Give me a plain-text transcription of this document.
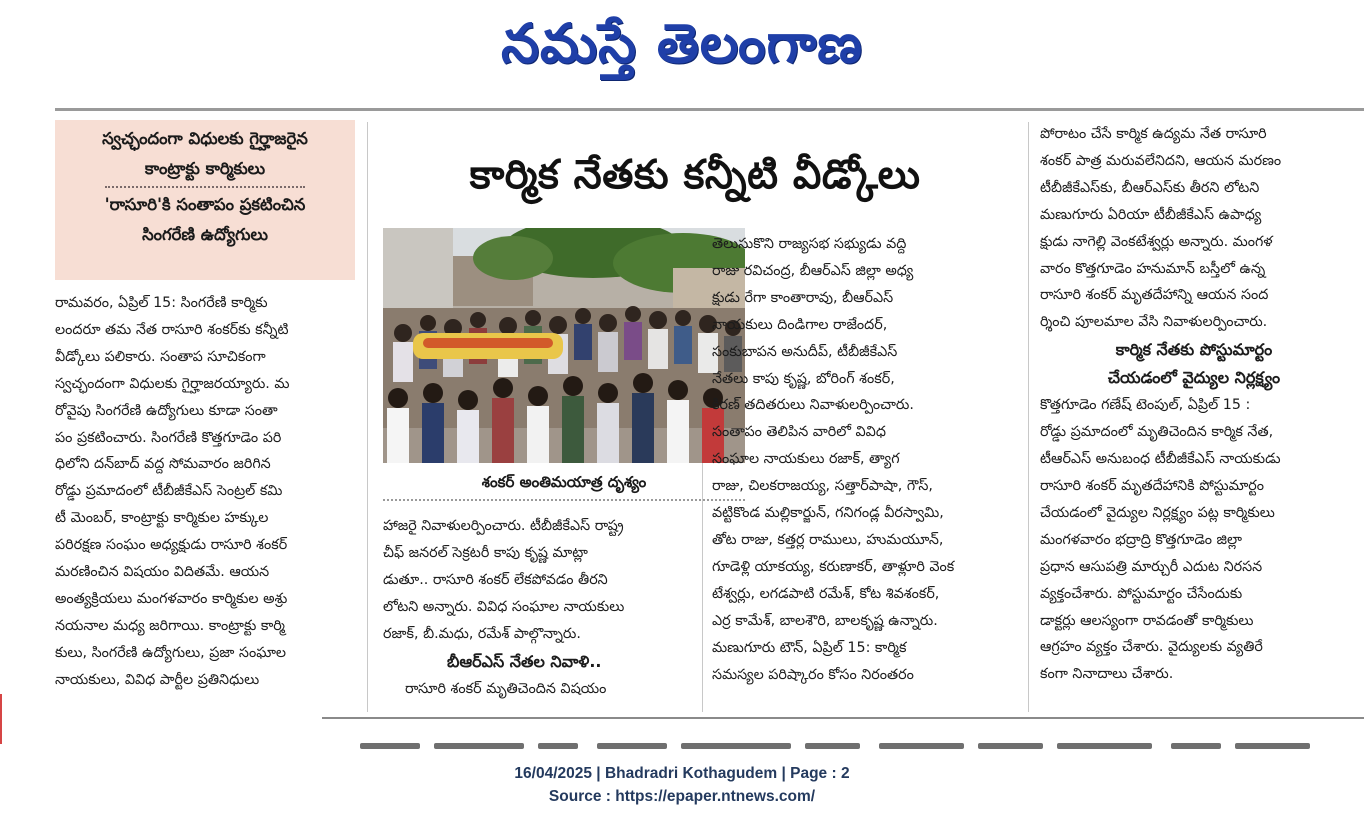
నమస్తే తెలంగాణ
స్వచ్ఛందంగా విధులకు గైర్హాజరైన
కాంట్రాక్టు కార్మికులు
'రాసూరి'కి సంతాపం ప్రకటించిన
సింగరేణి ఉద్యోగులు
కార్మిక నేతకు కన్నీటి వీడ్కోలు

రామవరం, ఏప్రిల్ 15: సింగరేణి కార్మికు

లందరూ తమ నేత రాసూరి శంకర్‌కు కన్నీటి

వీడ్కోలు పలికారు. సంతాప సూచికంగా

స్వచ్ఛందంగా విధులకు గైర్హాజరయ్యారు. మ

రోవైపు సింగరేణి ఉద్యోగులు కూడా సంతా

పం ప్రకటించారు. సింగరేణి కొత్తగూడెం పరి

ధిలోని దన్‌బాద్ వద్ద సోమవారం జరిగిన

రోడ్డు ప్రమాదంలో టీబీజీకేఎస్ సెంట్రల్ కమి

టీ మెంబర్, కాంట్రాక్టు కార్మికుల హక్కుల

పరిరక్షణ సంఘం అధ్యక్షుడు రాసూరి శంకర్

మరణించిన విషయం విదితమే. ఆయన

అంత్యక్రియలు మంగళవారం కార్మికుల అశ్రు

నయనాల మధ్య జరిగాయి. కాంట్రాక్టు కార్మి

కులు, సింగరేణి ఉద్యోగులు, ప్రజా సంఘాల

నాయకులు, వివిధ పార్టీల ప్రతినిధులు

శంకర్ అంతిమయాత్ర దృశ్యం

హాజరై నివాళులర్పించారు. టీబీజీకేఎస్ రాష్ట్ర

చీఫ్ జనరల్ సెక్రటరీ కాపు కృష్ణ మాట్లా

డుతూ.. రాసూరి శంకర్ లేకపోవడం తీరని

లోటని అన్నారు. వివిధ సంఘాల నాయకులు

రజాక్, బీ.మధు, రమేశ్ పాల్గొన్నారు.

బీఆర్ఎస్ నేతల నివాళి..

రాసూరి శంకర్ మృతిచెందిన విషయం

తెలుసుకొని రాజ్యసభ సభ్యుడు వద్ది

రాజు రవిచంద్ర, బీఆర్ఎస్ జిల్లా అధ్య

క్షుడు రేగా కాంతారావు, బీఆర్ఎస్

నాయకులు దిండిగాల రాజేందర్,

సంకుబాపన అనుదీప్, టీబీజీకేఎస్

నేతలు కాపు కృష్ణ, బోరింగ్ శంకర్,

కిరణ్ తదితరులు నివాళులర్పించారు.

సంతాపం తెలిపిన వారిలో వివిధ

సంఘాల నాయకులు రజాక్, త్యాగ

రాజు, చిలకరాజయ్య, సత్తార్‌పాషా, గౌస్,

వట్టికొండ మల్లికార్జున్, గనిగండ్ల వీరస్వామి,

తోట రాజు, కత్తర్ల రాములు, హుమయూన్,

గూడెళ్లి యాకయ్య, కరుణాకర్, తాళ్లూరి వెంక

టేశ్వర్లు, లగడపాటి రమేశ్, కోట శివశంకర్,

ఎర్ర కామేశ్, బాలశౌరి, బాలకృష్ణ ఉన్నారు.

మణుగూరు టౌన్, ఏప్రిల్ 15: కార్మిక

సమస్యల పరిష్కారం కోసం నిరంతరం

పోరాటం చేసే కార్మిక ఉద్యమ నేత రాసూరి

శంకర్ పాత్ర మరువలేనిదని, ఆయన మరణం

టీబీజీకేఎస్‌కు, బీఆర్ఎస్‌కు తీరని లోటని

మణుగూరు ఏరియా టీబీజీకేఎస్ ఉపాధ్య

క్షుడు నాగెల్లి వెంకటేశ్వర్లు అన్నారు. మంగళ

వారం కొత్తగూడెం హనుమాన్ బస్తీలో ఉన్న

రాసూరి శంకర్ మృతదేహాన్ని ఆయన సంద

ర్శించి పూలమాల వేసి నివాళులర్పించారు.

కార్మిక నేతకు పోస్టుమార్టం
చేయడంలో వైద్యుల నిర్లక్ష్యం

కొత్తగూడెం గణేష్ టెంపుల్, ఏప్రిల్ 15 :

రోడ్డు ప్రమాదంలో మృతిచెందిన కార్మిక నేత,

టీఆర్ఎస్ అనుబంధ టీబీజీకేఎస్ నాయకుడు

రాసూరి శంకర్ మృతదేహానికి పోస్టుమార్టం

చేయడంలో వైద్యుల నిర్లక్ష్యం పట్ల కార్మికులు

మంగళవారం భద్రాద్రి కొత్తగూడెం జిల్లా

ప్రధాన ఆసుపత్రి మార్చురీ ఎదుట నిరసన

వ్యక్తంచేశారు. పోస్టుమార్టం చేసేందుకు

డాక్టర్లు ఆలస్యంగా రావడంతో కార్మికులు

ఆగ్రహం వ్యక్తం చేశారు. వైద్యులకు వ్యతిరే

కంగా నినాదాలు చేశారు.

16/04/2025 | Bhadradri Kothagudem | Page : 2
Source : https://epaper.ntnews.com/
